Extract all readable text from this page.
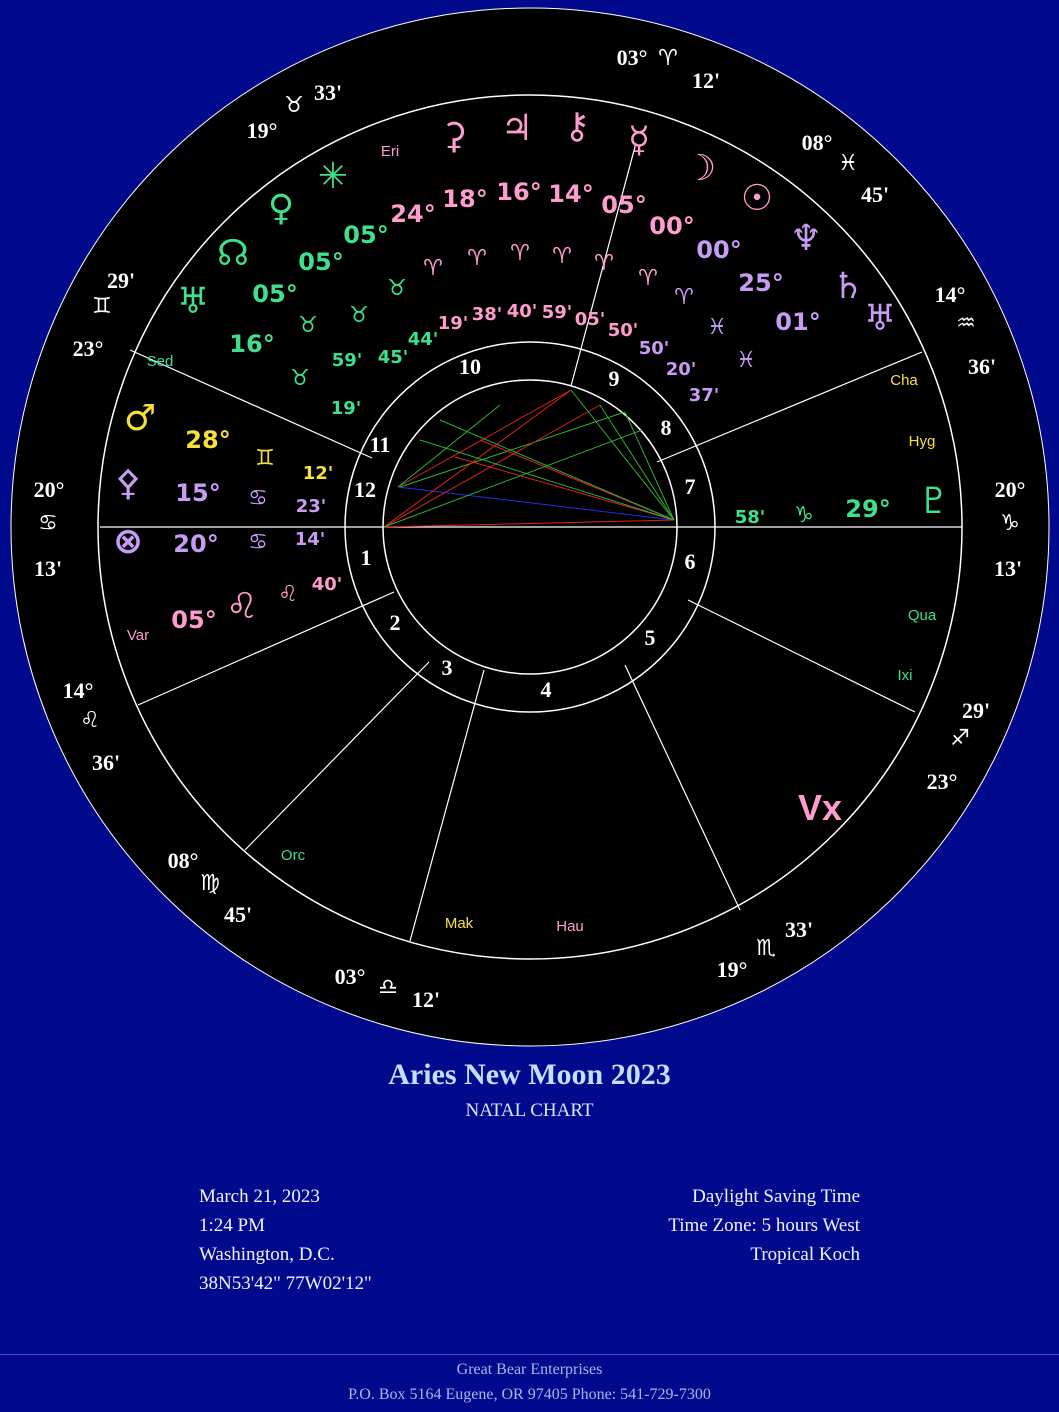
1
2
3
4
5
6
7
8
9
10
11
12
03° ♈
12'
08°
♓
45'
14°
♒
36'
20°
♑
13'
29'
♐
23°
19°
♏
33'
03° ♎ 12'
08°
♍
45'
14°
♌
36'
20°
♋
13'
29'
♊
23°
19°
♉
33'
⚳
24°
♈
19'
♃
18°
♈
38'
⚷
16°
♈
40'
☿
14°
♈
59'
☽
05°
♈
05'
☉
00°
♈
50'
♆
00°
♈
50'
♄
25°
♓
20'
♅
01°
♓
37'
✳
05°
♉
44'
♀
05°
♉
45'
☊
05°
♉
59'
♅
16°
♉
19'
♂
28°
♊
12'
⚴ 15° ♋ 23'
⊗ 20° ♋ 14'
♌
05°
♌ 40'
♇
29°
♑
58'
Eri
Sed
Var
Orc
Mak	Hau
Vx
Qua
Ixi
Cha
Hyg
Aries New Moon 2023
NATAL CHART
March 21, 2023
1:24 PM
Washington, D.C.
38N53'42" 77W02'12"
Daylight Saving Time
Time Zone: 5 hours West
Tropical Koch
Great Bear Enterprises
P.O. Box 5164 Eugene, OR 97405 Phone: 541-729-7300
